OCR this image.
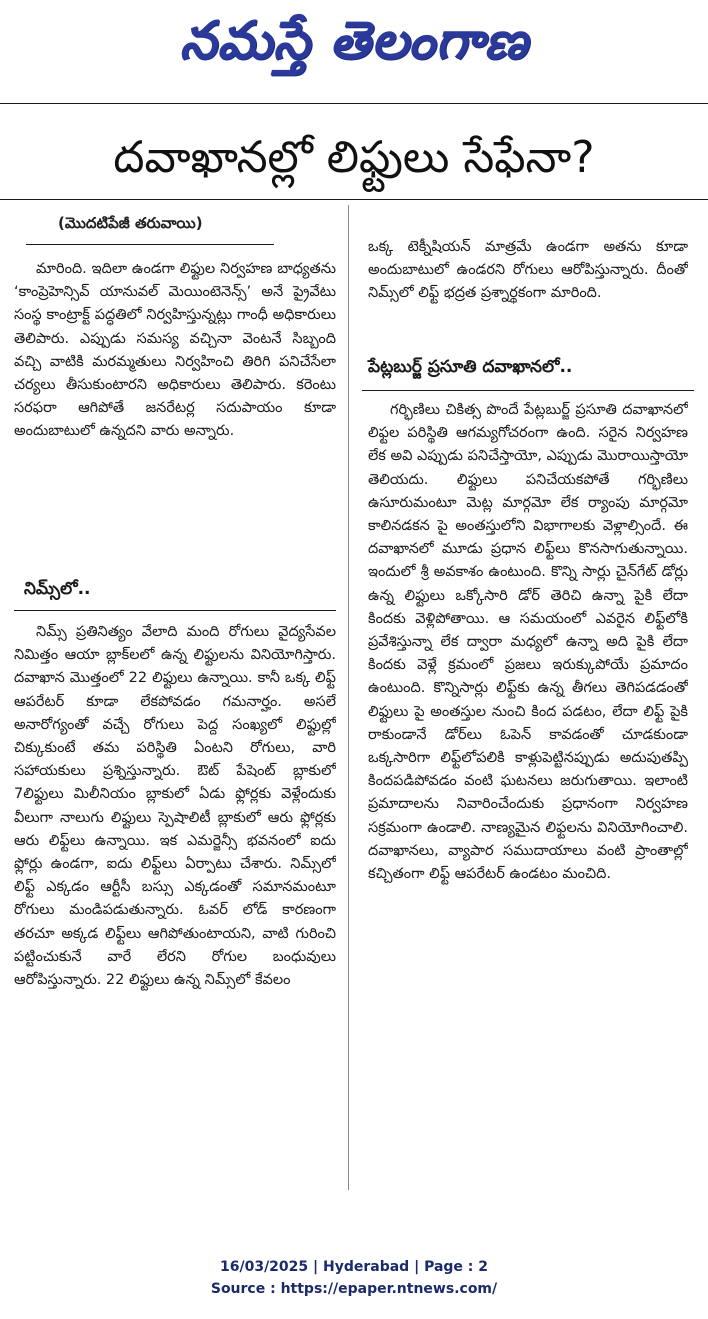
నమస్తే తెలంగాణ
దవాఖానల్లో లిఫ్టులు సేఫేనా?
(మొదటిపేజీ తరువాయి)

మారింది. ఇదిలా ఉండగా లిఫ్టుల నిర్వహణ బాధ్యతను ‘కాంప్రెహెన్సివ్ యానువల్ మెయింటెనెన్స్’ అనే ప్రైవేటు సంస్థ కాంట్రాక్ట్ పద్ధతిలో నిర్వహిస్తున్నట్లు గాంధీ అధికారులు తెలిపారు. ఎప్పుడు సమస్య వచ్చినా వెంటనే సిబ్బంది వచ్చి వాటికి మరమ్మతులు నిర్వహించి తిరిగి పనిచేసేలా చర్యలు తీసుకుంటారని అధికారులు తెలిపారు. కరెంటు సరఫరా ఆగిపోతే జనరేటర్ల సదుపాయం కూడా అందుబాటులో ఉన్నదని వారు అన్నారు.

నిమ్స్‌లో..

నిమ్స్ ప్రతినిత్యం వేలాది మంది రోగులు వైద్యసేవల నిమిత్తం ఆయా బ్లాక్‌లలో ఉన్న లిఫ్టులను వినియోగిస్తారు. దవాఖాన మొత్తంలో 22 లిఫ్టులు ఉన్నాయి. కానీ ఒక్క లిఫ్ట్ ఆపరేటర్ కూడా లేకపోవడం గమనార్హం. అసలే అనారోగ్యంతో వచ్చే రోగులు పెద్ద సంఖ్యలో లిఫ్టుల్లో చిక్కుకుంటే తమ పరిస్థితి ఏంటని రోగులు, వారి సహాయకులు ప్రశ్నిస్తున్నారు. ఔట్ పేషెంట్ బ్లాకులో 7లిఫ్టులు మిలీనియం బ్లాకులో ఏడు ఫ్లోర్లకు వెళ్లేందుకు వీలుగా నాలుగు లిఫ్టులు స్పెషాలిటీ బ్లాకులో ఆరు ఫ్లోర్లకు ఆరు లిఫ్ట్‌లు ఉన్నాయి. ఇక ఎమర్జెన్సీ భవనంలో ఐదు ఫ్లోర్లు ఉండగా, ఐదు లిఫ్ట్‌లు ఏర్పాటు చేశారు. నిమ్స్‌లో లిఫ్ట్ ఎక్కడం ఆర్టీసీ బస్సు ఎక్కడంతో సమానమంటూ రోగులు మండిపడుతున్నారు. ఓవర్ లోడ్ కారణంగా తరచూ అక్కడ లిఫ్ట్‌లు ఆగిపోతుంటాయని, వాటి గురించి పట్టించుకునే వారే లేరని రోగుల బంధువులు ఆరోపిస్తున్నారు. 22 లిఫ్టులు ఉన్న నిమ్స్‌లో కేవలం

ఒక్క టెక్నీషియన్ మాత్రమే ఉండగా అతను కూడా అందుబాటులో ఉండరని రోగులు ఆరోపిస్తున్నారు. దీంతో నిమ్స్‌లో లిఫ్ట్ భద్రత ప్రశ్నార్థకంగా మారింది.

పేట్లబుర్జ్ ప్రసూతి దవాఖానలో..

గర్భిణిలు చికిత్స పొందే పేట్లబుర్జ్ ప్రసూతి దవాఖానలో లిఫ్టల పరిస్థితి ఆగమ్యగోచరంగా ఉంది. సరైన నిర్వహణ లేక అవి ఎప్పుడు పనిచేస్తాయో, ఎప్పుడు మొరాయిస్తాయో తెలియదు. లిఫ్టులు పనిచేయకపోతే గర్భిణిలు ఉసూరుమంటూ మెట్ల మార్గమో లేక ర్యాంపు మార్గమో కాలినడకన పై అంతస్తులోని విభాగాలకు వెళ్లాల్సిందే. ఈ దవాఖానలో మూడు ప్రధాన లిఫ్ట్‌లు కొనసాగుతున్నాయి. ఇందులో శ్రీ అవకాశం ఉంటుంది. కొన్ని సార్లు చైన్‌గేట్ డోర్లు ఉన్న లిఫ్టులు ఒక్కోసారి డోర్ తెరిచి ఉన్నా పైకి లేదా కిందకు వెళ్లిపోతాయి. ఆ సమయంలో ఎవరైన లిఫ్ట్‌లోకి ప్రవేశిస్తున్నా లేక ద్వారా మధ్యలో ఉన్నా అది పైకి లేదా కిందకు వెళ్లే క్రమంలో ప్రజలు ఇరుక్కుపోయే ప్రమాదం ఉంటుంది. కొన్నిసార్లు లిఫ్ట్‌కు ఉన్న తీగలు తెగిపడడంతో లిఫ్టులు పై అంతస్తుల నుంచి కింద పడటం, లేదా లిఫ్ట్ పైకి రాకుండానే డోర్‌లు ఓపెన్ కావడంతో చూడకుండా ఒక్కసారిగా లిఫ్ట్‌లోపలికి కాళ్లుపెట్టినప్పుడు అదుపుతప్పి కిందపడిపోవడం వంటి ఘటనలు జరుగుతాయి. ఇలాంటి ప్రమాదాలను నివారించేందుకు ప్రధానంగా నిర్వహణ సక్రమంగా ఉండాలి. నాణ్యమైన లిఫ్టలను వినియోగించాలి. దవాఖానలు, వ్యాపార సముదాయాలు వంటి ప్రాంతాల్లో కచ్చితంగా లిఫ్ట్ ఆపరేటర్ ఉండటం మంచిది.

16/03/2025 | Hyderabad | Page : 2
Source : https://epaper.ntnews.com/
